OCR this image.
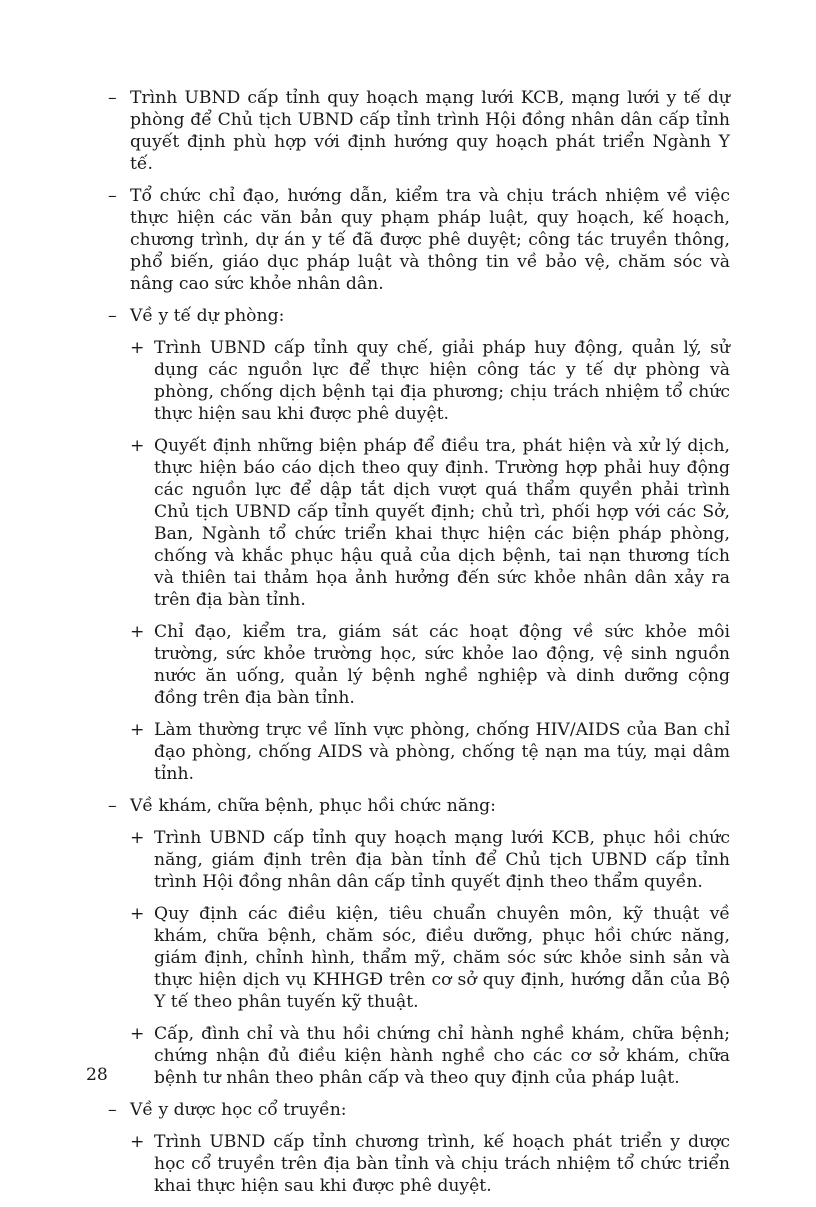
– Trình UBND cấp tỉnh quy hoạch mạng lưới KCB, mạng lưới y tế dự phòng để Chủ tịch UBND cấp tỉnh trình Hội đồng nhân dân cấp tỉnh quyết định phù hợp với định hướng quy hoạch phát triển Ngành Y tế.
– Tổ chức chỉ đạo, hướng dẫn, kiểm tra và chịu trách nhiệm về việc thực hiện các văn bản quy phạm pháp luật, quy hoạch, kế hoạch, chương trình, dự án y tế đã được phê duyệt; công tác truyền thông, phổ biến, giáo dục pháp luật và thông tin về bảo vệ, chăm sóc và nâng cao sức khỏe nhân dân.
– Về y tế dự phòng:
+ Trình UBND cấp tỉnh quy chế, giải pháp huy động, quản lý, sử dụng các nguồn lực để thực hiện công tác y tế dự phòng và phòng, chống dịch bệnh tại địa phương; chịu trách nhiệm tổ chức thực hiện sau khi được phê duyệt.
+ Quyết định những biện pháp để điều tra, phát hiện và xử lý dịch, thực hiện báo cáo dịch theo quy định. Trường hợp phải huy động các nguồn lực để dập tắt dịch vượt quá thẩm quyền phải trình Chủ tịch UBND cấp tỉnh quyết định; chủ trì, phối hợp với các Sở, Ban, Ngành tổ chức triển khai thực hiện các biện pháp phòng, chống và khắc phục hậu quả của dịch bệnh, tai nạn thương tích và thiên tai thảm họa ảnh hưởng đến sức khỏe nhân dân xảy ra trên địa bàn tỉnh.
+ Chỉ đạo, kiểm tra, giám sát các hoạt động về sức khỏe môi trường, sức khỏe trường học, sức khỏe lao động, vệ sinh nguồn nước ăn uống, quản lý bệnh nghề nghiệp và dinh dưỡng cộng đồng trên địa bàn tỉnh.
+ Làm thường trực về lĩnh vực phòng, chống HIV/AIDS của Ban chỉ đạo phòng, chống AIDS và phòng, chống tệ nạn ma túy, mại dâm tỉnh.
– Về khám, chữa bệnh, phục hồi chức năng:
+ Trình UBND cấp tỉnh quy hoạch mạng lưới KCB, phục hồi chức năng, giám định trên địa bàn tỉnh để Chủ tịch UBND cấp tỉnh trình Hội đồng nhân dân cấp tỉnh quyết định theo thẩm quyền.
+ Quy định các điều kiện, tiêu chuẩn chuyên môn, kỹ thuật về khám, chữa bệnh, chăm sóc, điều dưỡng, phục hồi chức năng, giám định, chỉnh hình, thẩm mỹ, chăm sóc sức khỏe sinh sản và thực hiện dịch vụ KHHGĐ trên cơ sở quy định, hướng dẫn của Bộ Y tế theo phân tuyến kỹ thuật.
+ Cấp, đình chỉ và thu hồi chứng chỉ hành nghề khám, chữa bệnh; chứng nhận đủ điều kiện hành nghề cho các cơ sở khám, chữa bệnh tư nhân theo phân cấp và theo quy định của pháp luật.
– Về y dược học cổ truyền:
+ Trình UBND cấp tỉnh chương trình, kế hoạch phát triển y dược học cổ truyền trên địa bàn tỉnh và chịu trách nhiệm tổ chức triển khai thực hiện sau khi được phê duyệt.
28
